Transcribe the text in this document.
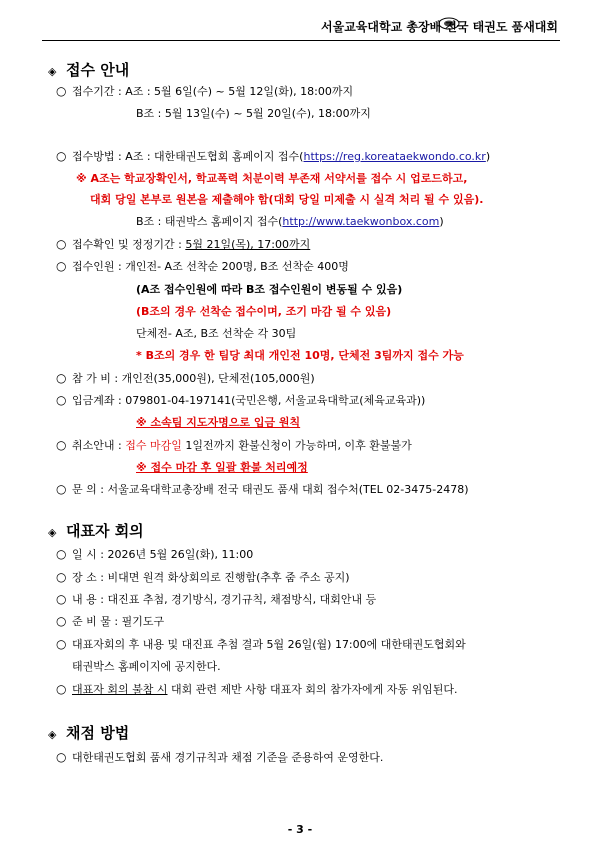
서울교육대학교 총장배 전국 태권도 품새대회
◈ 접수 안내
○ 접수기간 : A조 : 5월 6일(수) ~ 5월 12일(화), 18:00까지
B조 : 5월 13일(수) ~ 5월 20일(수), 18:00까지
○ 접수방법 : A조 : 대한태권도협회 홈페이지 접수(https://reg.koreataekwondo.co.kr)
※ A조는 학교장확인서, 학교폭력 처분이력 부존재 서약서를 접수 시 업로드하고,
대회 당일 본부로 원본을 제출해야 함(대회 당일 미제출 시 실격 처리 될 수 있음).
B조 : 태권박스 홈페이지 접수(http://www.taekwonbox.com)
○ 접수확인 및 정정기간 : 5월 21일(목), 17:00까지
○ 접수인원 : 개인전- A조 선착순 200명, B조 선착순 400명
(A조 접수인원에 따라 B조 접수인원이 변동될 수 있음)
(B조의 경우 선착순 접수이며, 조기 마감 될 수 있음)
단체전- A조, B조 선착순 각 30팀
* B조의 경우 한 팀당 최대 개인전 10명, 단체전 3팀까지 접수 가능
○ 참 가 비 : 개인전(35,000원), 단체전(105,000원)
○ 입금계좌 : 079801-04-197141(국민은행, 서울교육대학교(체육교육과))
※ 소속팀 지도자명으로 입금 원칙
○ 취소안내 : 접수 마감일 1일전까지 환불신청이 가능하며, 이후 환불불가
※ 접수 마감 후 일괄 환불 처리예정
○ 문 의 : 서울교육대학교총장배 전국 태권도 품새 대회 접수처(TEL 02-3475-2478)
◈ 대표자 회의
○ 일 시 : 2026년 5월 26일(화), 11:00
○ 장 소 : 비대면 원격 화상회의로 진행함(추후 줌 주소 공지)
○ 내 용 : 대진표 추첨, 경기방식, 경기규칙, 채점방식, 대회안내 등
○ 준 비 물 : 필기도구
○ 대표자회의 후 내용 및 대진표 추첨 결과 5월 26일(월) 17:00에 대한태권도협회와
태권박스 홈페이지에 공지한다.
○ 대표자 회의 불참 시 대회 관련 제반 사항 대표자 회의 참가자에게 자동 위임된다.
◈ 채점 방법
○ 대한태권도협회 품새 경기규칙과 채점 기준을 준용하여 운영한다.
- 3 -
